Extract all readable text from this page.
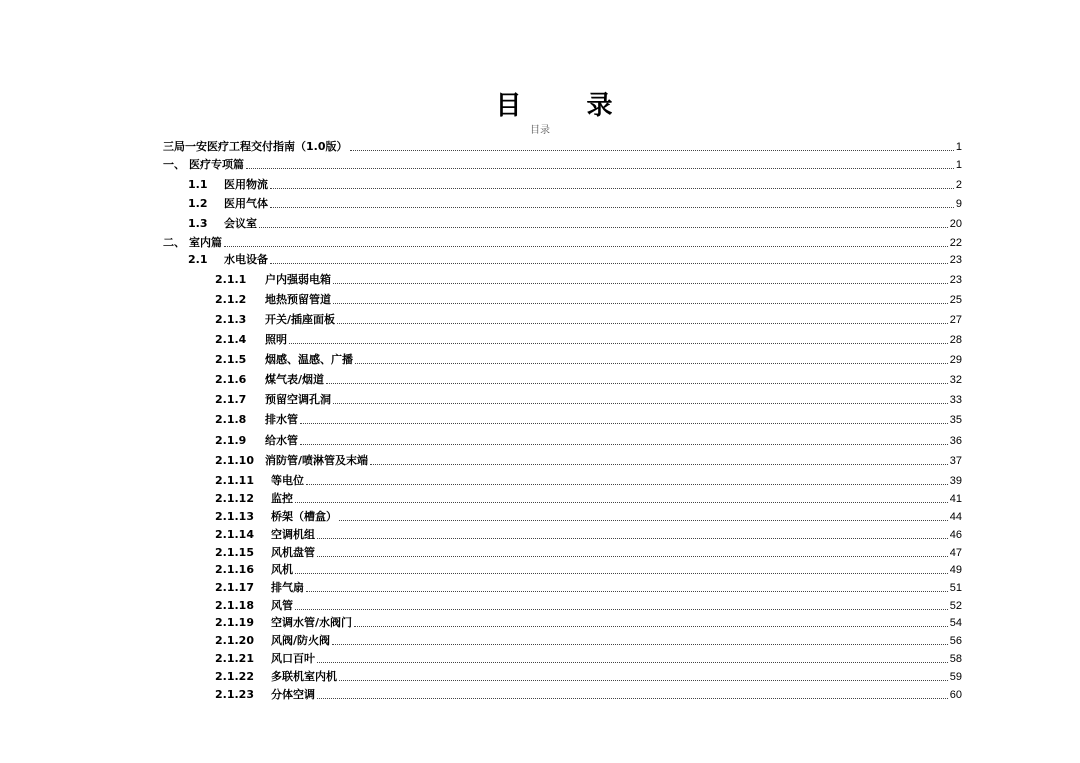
目 录
目录
三局一安医疗工程交付指南（1.0版）	1
一、 医疗专项篇	1
1.1	医用物流	2
1.2	医用气体	9
1.3	会议室	20
二、 室内篇	22
2.1	水电设备	23
2.1.1	户内强弱电箱	23
2.1.2	地热预留管道	25
2.1.3	开关/插座面板	27
2.1.4	照明	28
2.1.5	烟感、温感、广播	29
2.1.6	煤气表/烟道	32
2.1.7	预留空调孔洞	33
2.1.8	排水管	35
2.1.9	给水管	36
2.1.10	消防管/喷淋管及末端	37
2.1.11	等电位	39
2.1.12	监控	41
2.1.13	桥架（槽盒）	44
2.1.14	空调机组	46
2.1.15	风机盘管	47
2.1.16	风机	49
2.1.17	排气扇	51
2.1.18	风管	52
2.1.19	空调水管/水阀门	54
2.1.20	风阀/防火阀	56
2.1.21	风口百叶	58
2.1.22	多联机室内机	59
2.1.23	分体空调	60
